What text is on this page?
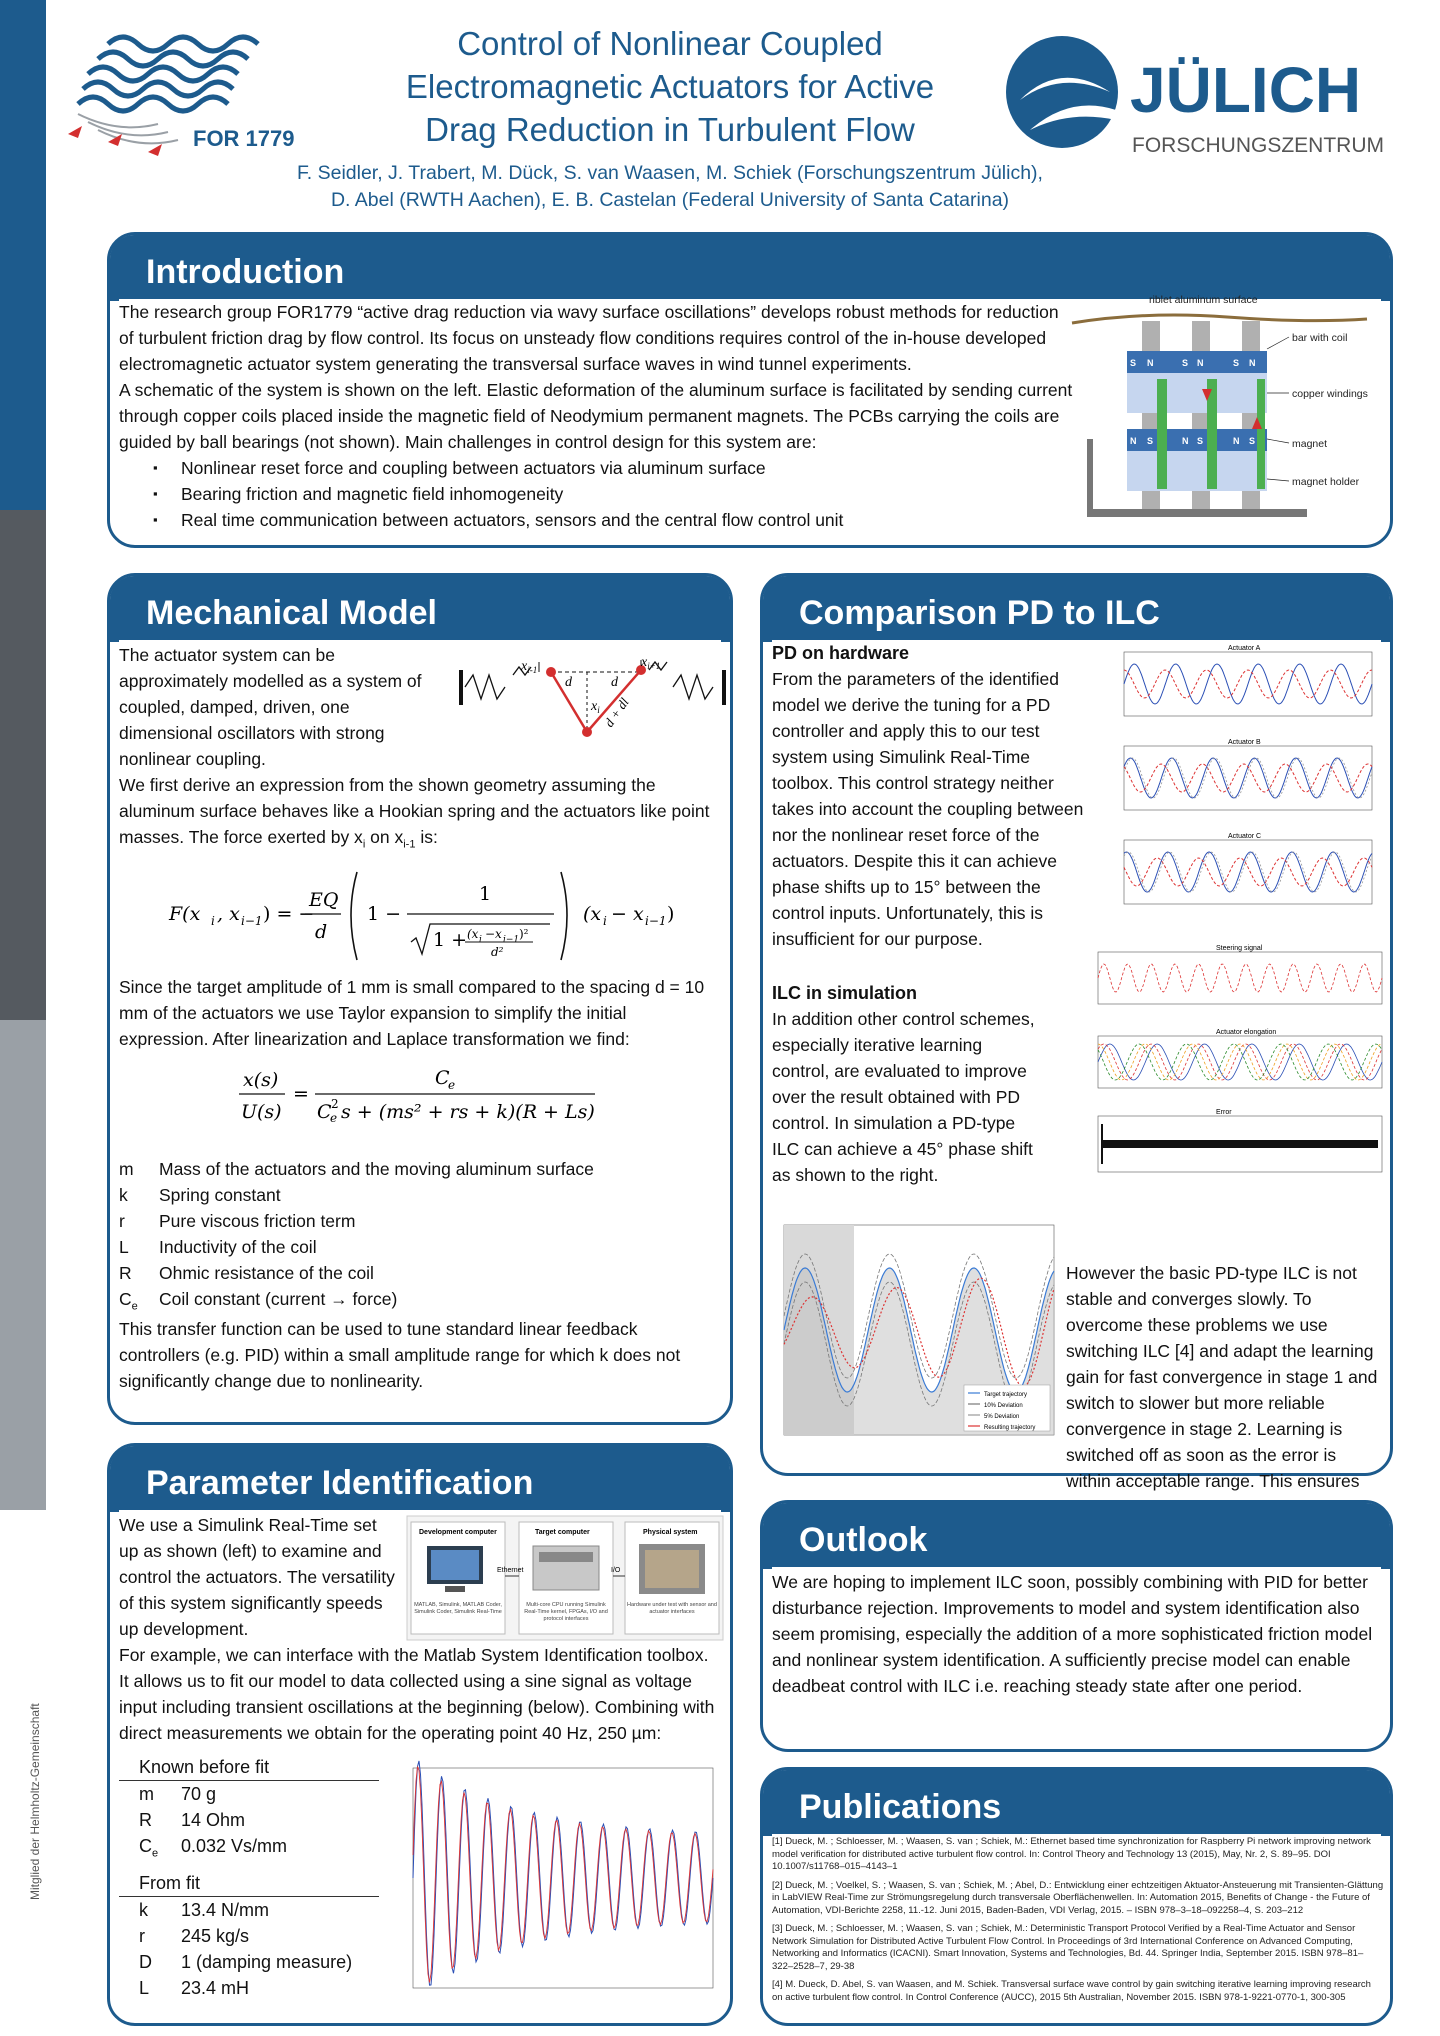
Mitglied der Helmholtz-Gemeinschaft
FOR 1779
Control of Nonlinear Coupled
Electromagnetic Actuators for Active
Drag Reduction in Turbulent Flow
F. Seidler, J. Trabert, M. Dück, S. van Waasen, M. Schiek (Forschungszentrum Jülich),
D. Abel (RWTH Aachen), E. B. Castelan (Federal University of Santa Catarina)
JÜLICH
FORSCHUNGSZENTRUM
Introduction

The research group FOR1779 “active drag reduction via wavy surface oscillations” develops robust methods for reduction of turbulent friction drag by flow control. Its focus on unsteady flow conditions requires control of the in-house developed electromagnetic actuator system generating the transversal surface waves in wind tunnel experiments.

A schematic of the system is shown on the left. Elastic deformation of the aluminum surface is facilitated by sending current through copper coils placed inside the magnetic field of Neodymium permanent magnets. The PCBs carrying the coils are guided by ball bearings (not shown). Main challenges in control design for this system are:

▪ Nonlinear reset force and coupling between actuators via aluminum surface
▪ Bearing friction and magnetic field inhomogeneity
▪ Real time communication between actuators, sensors and the central flow control unit
S N	S N	S N
N S	N S	N S
riblet aluminum surface
bar with coil
copper windings
magnet
magnet holder
Mechanical Model
The actuator system can be approximately modelled as a system of coupled, damped, driven, one dimensional oscillators with strong nonlinear coupling.
$x_{i-1}$
d	d
$x_i$
$x_{i+1}$
d + dl
We first derive an expression from the shown geometry assuming the aluminum surface behaves like a Hookian spring and the actuators like point masses. The force exerted by $x_i$ on $x_{i-1}$ is:
F(x i , x i−1 ) = −
EQ
d
1 −
1
1 + (x i −x i−1 )²
d²
(x i − x i−1 )
Since the target amplitude of 1 mm is small compared to the spacing d = 10 mm of the actuators we use Taylor expansion to simplify the initial expression. After linearization and Laplace transformation we find:
x(s)
U(s)
=
C
e
C
e
2 s + (ms² + rs + k)(R + Ls)
m	Mass of the actuators and the moving aluminum surface
k	Spring constant
r	Pure viscous friction term
L	Inductivity of the coil
R	Ohmic resistance of the coil
$C_e$	Coil constant (current → force)
This transfer function can be used to tune standard linear feedback controllers (e.g. PID) within a small amplitude range for which k does not significantly change due to nonlinearity.
Parameter Identification
We use a Simulink Real-Time set up as shown (left) to examine and control the actuators. The versatility of this system significantly speeds up development.
Development computer	Target computer	Physical system
Ethernet	I/O
MATLAB, Simulink, MATLAB Coder, Simulink Coder, Simulink Real-Time
Multi-core CPU running Simulink Real-Time kernel, FPGAs, I/O and protocol interfaces
Hardware under test with sensor and actuator interfaces
For example, we can interface with the Matlab System Identification toolbox. It allows us to fit our model to data collected using a sine signal as voltage input including transient oscillations at the beginning (below). Combining with direct measurements we obtain for the operating point 40 Hz, 250 µm:
Known before fit
m	70 g
R	14 Ohm
$C_e$	0.032 Vs/mm
From fit
k	13.4 N/mm
r	245 kg/s
D	1 (damping measure)
L	23.4 mH
Comparison PD to ILC
PD on hardware
From the parameters of the identified model we derive the tuning for a PD controller and apply this to our test system using Simulink Real-Time toolbox. This control strategy neither takes into account the coupling between nor the nonlinear reset force of the actuators. Despite this it can achieve phase shifts up to 15° between the control inputs. Unfortunately, this is insufficient for our purpose.
ILC in simulation
In addition other control schemes, especially iterative learning control, are evaluated to improve over the result obtained with PD control. In simulation a PD-type ILC can achieve a 45° phase shift as shown to the right.
Actuator A
Actuator B
Actuator C
Steering signal
Actuator elongation
Error
Target trajectory
10% Deviation
5% Deviation
Resulting trajectory
However the basic PD-type ILC is not stable and converges slowly. To overcome these problems we use switching ILC [4] and adapt the learning gain for fast convergence in stage 1 and switch to slower but more reliable convergence in stage 2. Learning is switched off as soon as the error is within acceptable range. This ensures
Outlook
We are hoping to implement ILC soon, possibly combining with PID for better disturbance rejection. Improvements to model and system identification also seem promising, especially the addition of a more sophisticated friction model and nonlinear system identification. A sufficiently precise model can enable deadbeat control with ILC i.e. reaching steady state after one period.
Publications
[1] Dueck, M. ; Schloesser, M. ; Waasen, S. van ; Schiek, M.: Ethernet based time synchronization for Raspberry Pi network improving network model verification for distributed active turbulent flow control. In: Control Theory and Technology 13 (2015), May, Nr. 2, S. 89–95. DOI 10.1007/s11768–015–4143–1
[2] Dueck, M. ; Voelkel, S. ; Waasen, S. van ; Schiek, M. ; Abel, D.: Entwicklung einer echtzeitigen Aktuator-Ansteuerung mit Transienten-Glättung in LabVIEW Real-Time zur Strömungsregelung durch transversale Oberflächenwellen. In: Automation 2015, Benefits of Change - the Future of Automation, VDI-Berichte 2258, 11.-12. Juni 2015, Baden-Baden, VDI Verlag, 2015. – ISBN 978–3–18–092258–4, S. 203–212
[3] Dueck, M. ; Schloesser, M. ; Waasen, S. van ; Schiek, M.: Deterministic Transport Protocol Verified by a Real-Time Actuator and Sensor Network Simulation for Distributed Active Turbulent Flow Control. In Proceedings of 3rd International Conference on Advanced Computing, Networking and Informatics (ICACNI). Smart Innovation, Systems and Technologies, Bd. 44. Springer India, September 2015. ISBN 978–81–322–2528–7, 29-38
[4] M. Dueck, D. Abel, S. van Waasen, and M. Schiek. Transversal surface wave control by gain switching iterative learning improving research on active turbulent flow control. In Control Conference (AUCC), 2015 5th Australian, November 2015. ISBN 978-1-9221-0770-1, 300-305
